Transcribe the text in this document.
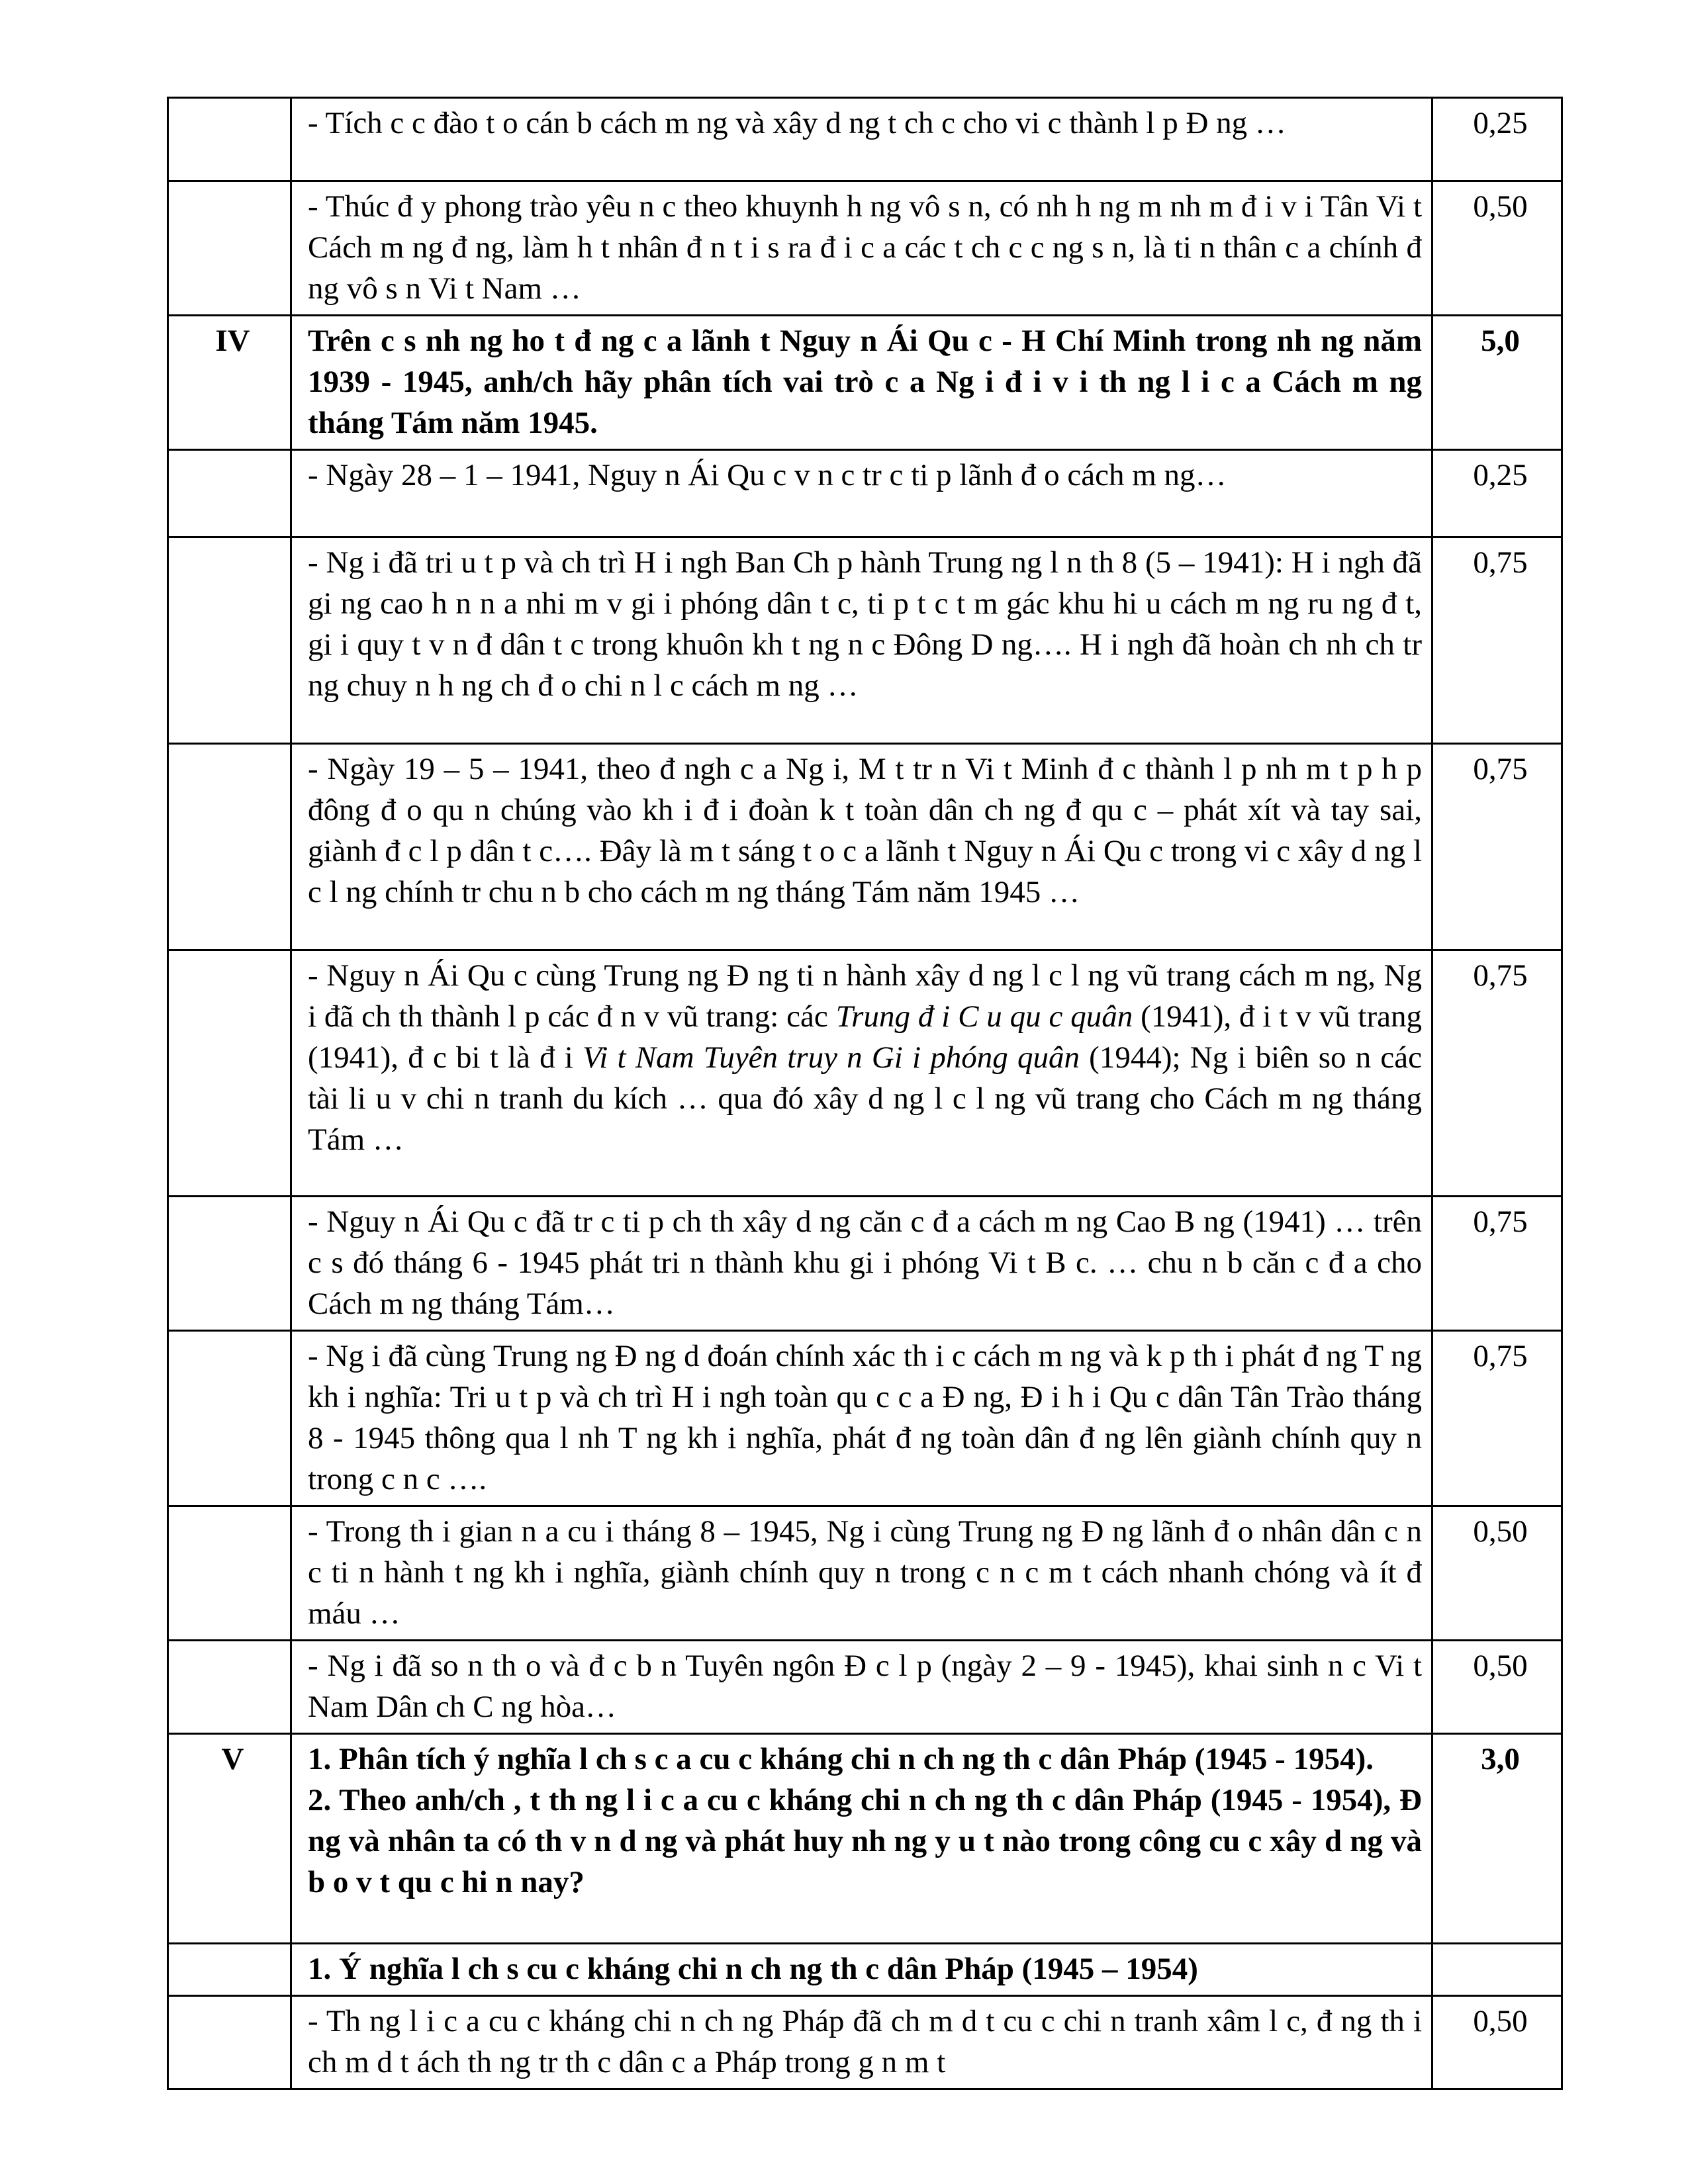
	- Tích c c đào t o cán b cách m ng và xây d ng t ch c cho vi c thành l p Đ ng …	0,25
	- Thúc đ y phong trào yêu n c theo khuynh h ng vô s n, có nh h ng m nh m đ i v i Tân Vi t Cách m ng đ ng, làm h t nhân đ n t i s ra đ i c a các t ch c c ng s n, là ti n thân c a chính đ ng vô s n Vi t Nam …	0,50
IV	Trên c s nh ng ho t đ ng c a lãnh t Nguy n Ái Qu c - H Chí Minh trong nh ng năm 1939 - 1945, anh/ch hãy phân tích vai trò c a Ng i đ i v i th ng l i c a Cách m ng tháng Tám năm 1945.	5,0
	- Ngày 28 – 1 – 1941, Nguy n Ái Qu c v n c tr c ti p lãnh đ o cách m ng…	0,25
	- Ng i đã tri u t p và ch trì H i ngh Ban Ch p hành Trung ng l n th 8 (5 – 1941): H i ngh đã gi ng cao h n n a nhi m v gi i phóng dân t c, ti p t c t m gác khu hi u cách m ng ru ng đ t, gi i quy t v n đ dân t c trong khuôn kh t ng n c Đông D ng…. H i ngh đã hoàn ch nh ch tr ng chuy n h ng ch đ o chi n l c cách m ng …	0,75
	- Ngày 19 – 5 – 1941, theo đ ngh c a Ng i, M t tr n Vi t Minh đ c thành l p nh m t p h p đông đ o qu n chúng vào kh i đ i đoàn k t toàn dân ch ng đ qu c – phát xít và tay sai, giành đ c l p dân t c…. Đây là m t sáng t o c a lãnh t Nguy n Ái Qu c trong vi c xây d ng l c l ng chính tr chu n b cho cách m ng tháng Tám năm 1945 …	0,75
	- Nguy n Ái Qu c cùng Trung ng Đ ng ti n hành xây d ng l c l ng vũ trang cách m ng, Ng i đã ch th thành l p các đ n v vũ trang: các Trung đ i C u qu c quân (1941), đ i t v vũ trang (1941), đ c bi t là đ i Vi t Nam Tuyên truy n Gi i phóng quân (1944); Ng i biên so n các tài li u v chi n tranh du kích … qua đó xây d ng l c l ng vũ trang cho Cách m ng tháng Tám …	0,75
	- Nguy n Ái Qu c đã tr c ti p ch th xây d ng căn c đ a cách m ng Cao B ng (1941) … trên c s đó tháng 6 - 1945 phát tri n thành khu gi i phóng Vi t B c. … chu n b căn c đ a cho Cách m ng tháng Tám…	0,75
	- Ng i đã cùng Trung ng Đ ng d đoán chính xác th i c cách m ng và k p th i phát đ ng T ng kh i nghĩa: Tri u t p và ch trì H i ngh toàn qu c c a Đ ng, Đ i h i Qu c dân Tân Trào tháng 8 - 1945 thông qua l nh T ng kh i nghĩa, phát đ ng toàn dân đ ng lên giành chính quy n trong c n c ….	0,75
	- Trong th i gian n a cu i tháng 8 – 1945, Ng i cùng Trung ng Đ ng lãnh đ o nhân dân c n c ti n hành t ng kh i nghĩa, giành chính quy n trong c n c m t cách nhanh chóng và ít đ máu …	0,50
	- Ng i đã so n th o và đ c b n Tuyên ngôn Đ c l p (ngày 2 – 9 - 1945), khai sinh n c Vi t Nam Dân ch C ng hòa…	0,50
V	1. Phân tích ý nghĩa l ch s c a cu c kháng chi n ch ng th c dân Pháp (1945 - 1954).
2. Theo anh/ch , t th ng l i c a cu c kháng chi n ch ng th c dân Pháp (1945 - 1954), Đ ng và nhân ta có th v n d ng và phát huy nh ng y u t nào trong công cu c xây d ng và b o v t qu c hi n nay?	3,0
	1. Ý nghĩa l ch s cu c kháng chi n ch ng th c dân Pháp (1945 – 1954)	
	- Th ng l i c a cu c kháng chi n ch ng Pháp đã ch m d t cu c chi n tranh xâm l c, đ ng th i ch m d t ách th ng tr th c dân c a Pháp trong g n m t	0,50
